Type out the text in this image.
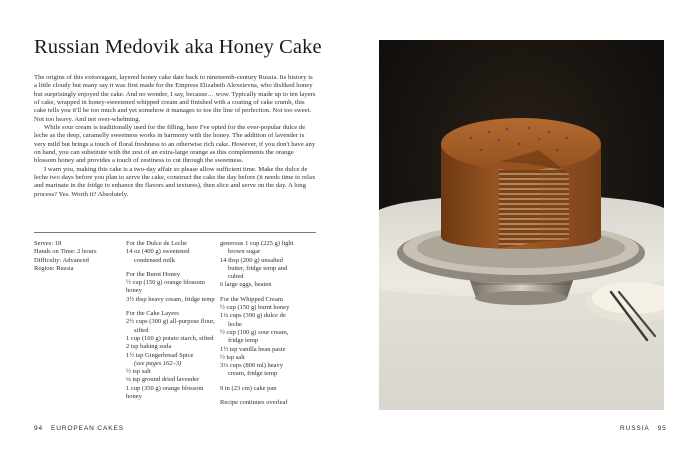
Russian Medovik aka Honey Cake

The origins of this extravagant, layered honey cake date back to nineteenth-century Russia. Its history is a little cloudy but many say it was first made for the Empress Elizabeth Alexeievna, who disliked honey but surprisingly enjoyed the cake. And no wonder, I say, because… wow. Typically made up to ten layers of cake, wrapped in honey-sweetened whipped cream and finished with a coating of cake crumb, this cake tells you it'll be too much and yet somehow it manages to toe the line of perfection. Not too sweet. Not too heavy. And not over-whelming.

While sour cream is traditionally used for the filling, here I've opted for the ever-popular dulce de leche as the deep, caramelly sweetness works in harmony with the honey. The addition of lavender is very mild but brings a touch of floral freshness to an otherwise rich cake. However, if you don't have any on hand, you can substitute with the zest of an extra-large orange as this complements the orange blossom honey and provides a touch of zestiness to cut through the sweetness.

I warn you, making this cake is a two-day affair so please allow sufficient time. Make the dulce de leche two days before you plan to serve the cake, construct the cake the day before (it needs time to relax and marinate in the fridge to enhance the flavors and textures), then slice and serve on the day. A long process? Yes. Worth it? Absolutely.

Serves: 18
Hands on Time: 2 hours
Difficulty: Advanced
Region: Russia
For the Dulce de Leche
14 oz (400 g) sweetened
condensed milk
For the Burnt Honey
½ cup (150 g) orange blossom honey
3½ tbsp heavy cream, fridge temp
For the Cake Layers
2½ cups (300 g) all-purpose flour,
sifted
1 cup (160 g) potato starch, sifted
2 tsp baking soda
1½ tsp Gingerbread Spice
(see pages 162–3)
½ tsp salt
¼ tsp ground dried lavender
1 cup (350 g) orange blossom honey
generous 1 cup (225 g) light
brown sugar
14 tbsp (200 g) unsalted
butter, fridge temp and
cubed
6 large eggs, beaten
For the Whipped Cream
½ cup (150 g) burnt honey
1¼ cups (390 g) dulce de
leche
½ cup (100 g) sour cream,
fridge temp
1½ tsp vanilla bean paste
½ tsp salt
3⅓ cups (800 ml) heavy
cream, fridge temp
9 in (23 cm) cake pan
Recipe continues overleaf
94 EUROPEAN CAKES	RUSSIA 95
